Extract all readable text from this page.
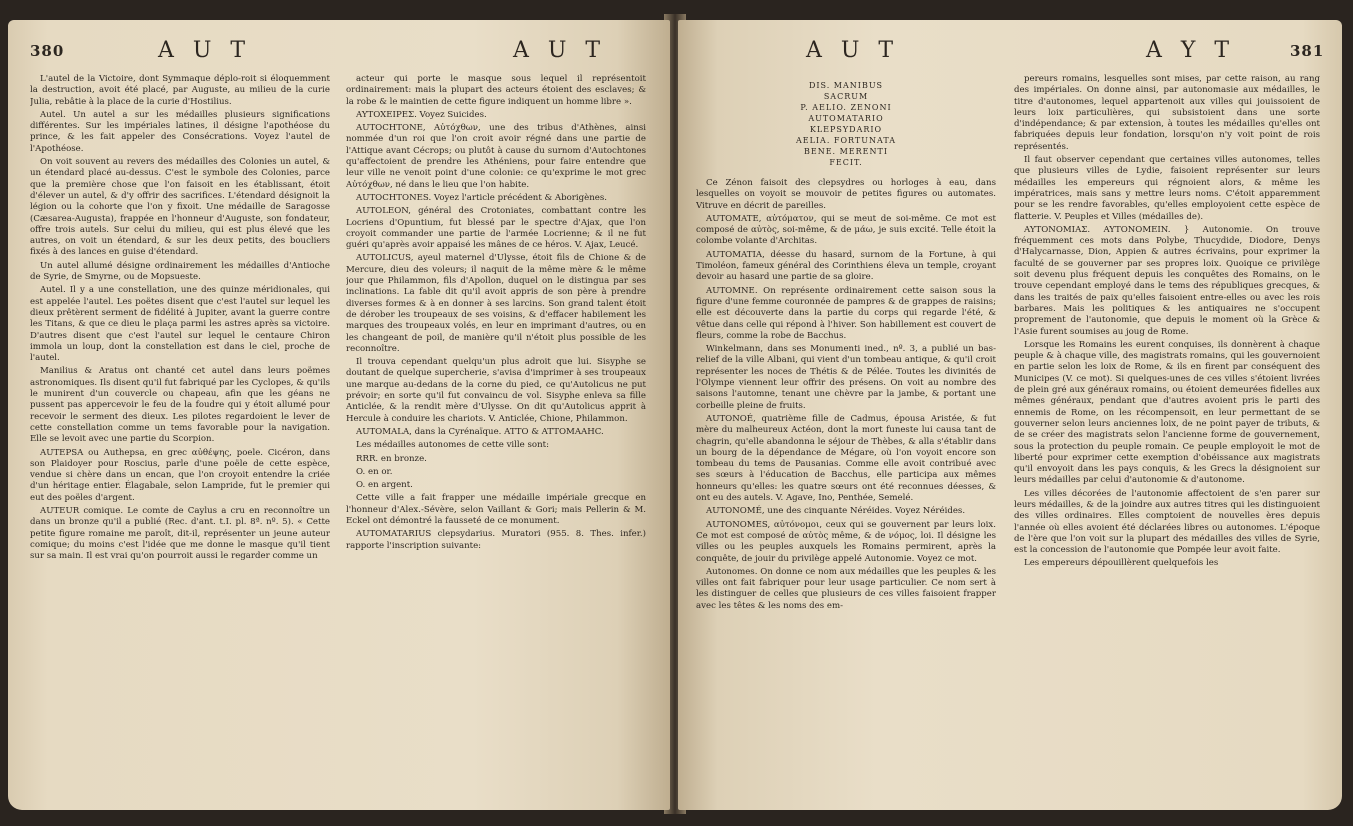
380	A U T	A U T

L'autel de la Victoire, dont Symmaque déplo-roit si éloquemment la destruction, avoit été placé, par Auguste, au milieu de la curie Julia, rebâtie à la place de la curie d'Hostilius.

Autel. Un autel a sur les médailles plusieurs significations différentes. Sur les impériales latines, il désigne l'apothéose du prince, & les fait appeler des Consécrations. Voyez l'autel de l'Apothéose.

On voit souvent au revers des médailles des Colonies un autel, & un étendard placé au-dessus. C'est le symbole des Colonies, parce que la première chose que l'on faisoit en les établissant, étoit d'élever un autel, & d'y offrir des sacrifices. L'étendard désignoit la légion ou la cohorte que l'on y fixoit. Une médaille de Saragosse (Cæsarea-Augusta), frappée en l'honneur d'Auguste, son fondateur, offre trois autels. Sur celui du milieu, qui est plus élevé que les autres, on voit un étendard, & sur les deux petits, des boucliers fixés à des lances en guise d'étendard.

Un autel allumé désigne ordinairement les médailles d'Antioche de Syrie, de Smyrne, ou de Mopsueste.

Autel. Il y a une constellation, une des quinze méridionales, qui est appelée l'autel. Les poëtes disent que c'est l'autel sur lequel les dieux prêtèrent serment de fidélité à Jupiter, avant la guerre contre les Titans, & que ce dieu le plaça parmi les astres après sa victoire. D'autres disent que c'est l'autel sur lequel le centaure Chiron immola un loup, dont la constellation est dans le ciel, proche de l'autel.

Manilius & Aratus ont chanté cet autel dans leurs poëmes astronomiques. Ils disent qu'il fut fabriqué par les Cyclopes, & qu'ils le munirent d'un couvercle ou chapeau, afin que les géans ne pussent pas appercevoir le feu de la foudre qui y étoit allumé pour recevoir le serment des dieux. Les pilotes regardoient le lever de cette constellation comme un tems favorable pour la navigation. Elle se levoit avec une partie du Scorpion.

AUTEPSA ou Authepsa, en grec αὐθέψης, poele. Cicéron, dans son Plaidoyer pour Roscius, parle d'une poële de cette espèce, vendue si chère dans un encan, que l'on croyoit entendre la criée d'un héritage entier. Élagabale, selon Lampride, fut le premier qui eut des poëles d'argent.

AUTEUR comique. Le comte de Caylus a cru en reconnoître un dans un bronze qu'il a publié (Rec. d'ant. t.I. pl. 8ª. nº. 5). « Cette petite figure romaine me paroît, dit-il, représenter un jeune auteur comique; du moins c'est l'idée que me donne le masque qu'il tient sur sa main. Il est vrai qu'on pourroit aussi le regarder comme un

acteur qui porte le masque sous lequel il représentoit ordinairement: mais la plupart des acteurs étoient des esclaves; & la robe & le maintien de cette figure indiquent un homme libre ».

AYTOXEIPEΣ. Voyez Suicides.

AUTOCHTONE, Αὐτόχθων, une des tribus d'Athènes, ainsi nommée d'un roi que l'on croit avoir régné dans une partie de l'Attique avant Cécrops; ou plutôt à cause du surnom d'Autochtones qu'affectoient de prendre les Athéniens, pour faire entendre que leur ville ne venoit point d'une colonie: ce qu'exprime le mot grec Αὐτόχθων, né dans le lieu que l'on habite.

AUTOCHTONES. Voyez l'article précédent & Aborigènes.

AUTOLEON, général des Crotoniates, combattant contre les Locriens d'Opuntium, fut blessé par le spectre d'Ajax, que l'on croyoit commander une partie de l'armée Locrienne; & il ne fut guéri qu'après avoir appaisé les mânes de ce héros. V. Ajax, Leucé.

AUTOLICUS, ayeul maternel d'Ulysse, étoit fils de Chione & de Mercure, dieu des voleurs; il naquit de la même mère & le même jour que Philammon, fils d'Apollon, duquel on le distingua par ses inclinations. La fable dit qu'il avoit appris de son père à prendre diverses formes & à en donner à ses larcins. Son grand talent étoit de dérober les troupeaux de ses voisins, & d'effacer habilement les marques des troupeaux volés, en leur en imprimant d'autres, ou en les changeant de poil, de manière qu'il n'étoit plus possible de les reconnoître.

Il trouva cependant quelqu'un plus adroit que lui. Sisyphe se doutant de quelque supercherie, s'avisa d'imprimer à ses troupeaux une marque au-dedans de la corne du pied, ce qu'Autolicus ne put prévoir; en sorte qu'il fut convaincu de vol. Sisyphe enleva sa fille Anticlée, & la rendit mère d'Ulysse. On dit qu'Autolicus apprit à Hercule à conduire les chariots. V. Anticlée, Chione, Philammon.

AUTOMALA, dans la Cyrénaïque. ATTO & ATTOMAAHC.

Les médailles autonomes de cette ville sont:

RRR. en bronze.

O. en or.

O. en argent.

Cette ville a fait frapper une médaille impériale grecque en l'honneur d'Alex.-Sévère, selon Vaillant & Gori; mais Pellerin & M. Eckel ont démontré la fausseté de ce monument.

AUTOMATARIUS clepsydarius. Muratori (955. 8. Thes. infer.) rapporte l'inscription suivante:

A U T	A Y T	381
DIS. MANIBUS
SACRUM
P. AELIO. ZENONI
AUTOMATARIO
KLEPSYDARIO
AELIA. FORTUNATA
BENE. MERENTI
FECIT.

Ce Zénon faisoit des clepsydres ou horloges à eau, dans lesquelles on voyoit se mouvoir de petites figures ou automates. Vitruve en décrit de pareilles.

AUTOMATE, αὐτόματον, qui se meut de soi-même. Ce mot est composé de αὐτὸς, soi-même, & de μάω, je suis excité. Telle étoit la colombe volante d'Architas.

AUTOMATIA, déesse du hasard, surnom de la Fortune, à qui Timoléon, fameux général des Corinthiens éleva un temple, croyant devoir au hasard une partie de sa gloire.

AUTOMNE. On représente ordinairement cette saison sous la figure d'une femme couronnée de pampres & de grappes de raisins; elle est découverte dans la partie du corps qui regarde l'été, & vêtue dans celle qui répond à l'hiver. Son habillement est couvert de fleurs, comme la robe de Bacchus.

Winkelmann, dans ses Monumenti ined., nº. 3, a publié un bas-relief de la ville Albani, qui vient d'un tombeau antique, & qu'il croit représenter les noces de Thétis & de Pélée. Toutes les divinités de l'Olympe viennent leur offrir des présens. On voit au nombre des saisons l'automne, tenant une chèvre par la jambe, & portant une corbeille pleine de fruits.

AUTONOÉ, quatrième fille de Cadmus, épousa Aristée, & fut mère du malheureux Actéon, dont la mort funeste lui causa tant de chagrin, qu'elle abandonna le séjour de Thèbes, & alla s'établir dans un bourg de la dépendance de Mégare, où l'on voyoit encore son tombeau du tems de Pausanias. Comme elle avoit contribué avec ses sœurs à l'éducation de Bacchus, elle participa aux mêmes honneurs qu'elles: les quatre sœurs ont été reconnues déesses, & ont eu des autels. V. Agave, Ino, Penthée, Semelé.

AUTONOMÉ, une des cinquante Néréides. Voyez Néréides.

AUTONOMES, αὐτόνομοι, ceux qui se gouvernent par leurs loix. Ce mot est composé de αὐτὸς même, & de νόμος, loi. Il désigne les villes ou les peuples auxquels les Romains permirent, après la conquête, de jouir du privilège appelé Autonomie. Voyez ce mot.

Autonomes. On donne ce nom aux médailles que les peuples & les villes ont fait fabriquer pour leur usage particulier. Ce nom sert à les distinguer de celles que plusieurs de ces villes faisoient frapper avec les têtes & les noms des em-

pereurs romains, lesquelles sont mises, par cette raison, au rang des impériales. On donne ainsi, par autonomasie aux médailles, le titre d'autonomes, lequel appartenoit aux villes qui jouissoient de leurs loix particulières, qui subsistoient dans une sorte d'indépendance; & par extension, à toutes les médailles qu'elles ont fabriquées depuis leur fondation, lorsqu'on n'y voit point de rois représentés.

Il faut observer cependant que certaines villes autonomes, telles que plusieurs villes de Lydie, faisoient représenter sur leurs médailles les empereurs qui régnoient alors, & même les impératrices, mais sans y mettre leurs noms. C'étoit apparemment pour se les rendre favorables, qu'elles employoient cette espèce de flatterie. V. Peuples et Villes (médailles de).

AYTONOMIAΣ. AYTONOMEIN. } Autonomie. On trouve fréquemment ces mots dans Polybe, Thucydide, Diodore, Denys d'Halycarnasse, Dion, Appien & autres écrivains, pour exprimer la faculté de se gouverner par ses propres loix. Quoique ce privilège soit devenu plus fréquent depuis les conquêtes des Romains, on le trouve cependant employé dans le tems des républiques grecques, & dans les traités de paix qu'elles faisoient entre-elles ou avec les rois barbares. Mais les politiques & les antiquaires ne s'occupent proprement de l'autonomie, que depuis le moment où la Grèce & l'Asie furent soumises au joug de Rome.

Lorsque les Romains les eurent conquises, ils donnèrent à chaque peuple & à chaque ville, des magistrats romains, qui les gouvernoient en partie selon les loix de Rome, & ils en firent par conséquent des Municipes (V. ce mot). Si quelques-unes de ces villes s'étoient livrées de plein gré aux généraux romains, ou étoient demeurées fidelles aux mêmes généraux, pendant que d'autres avoient pris le parti des ennemis de Rome, on les récompensoit, en leur permettant de se gouverner selon leurs anciennes loix, de ne point payer de tributs, & de se créer des magistrats selon l'ancienne forme de gouvernement, sous la protection du peuple romain. Ce peuple employoit le mot de liberté pour exprimer cette exemption d'obéissance aux magistrats qu'il envoyoit dans les pays conquis, & les Grecs la désignoient sur leurs médailles par celui d'autonomie & d'autonome.

Les villes décorées de l'autonomie affectoient de s'en parer sur leurs médailles, & de la joindre aux autres titres qui les distinguoient des villes ordinaires. Elles comptoient de nouvelles ères depuis l'année où elles avoient été déclarées libres ou autonomes. L'époque de l'ère que l'on voit sur la plupart des médailles des villes de Syrie, est la concession de l'autonomie que Pompée leur avoit faite.

Les empereurs dépouillèrent quelquefois les
